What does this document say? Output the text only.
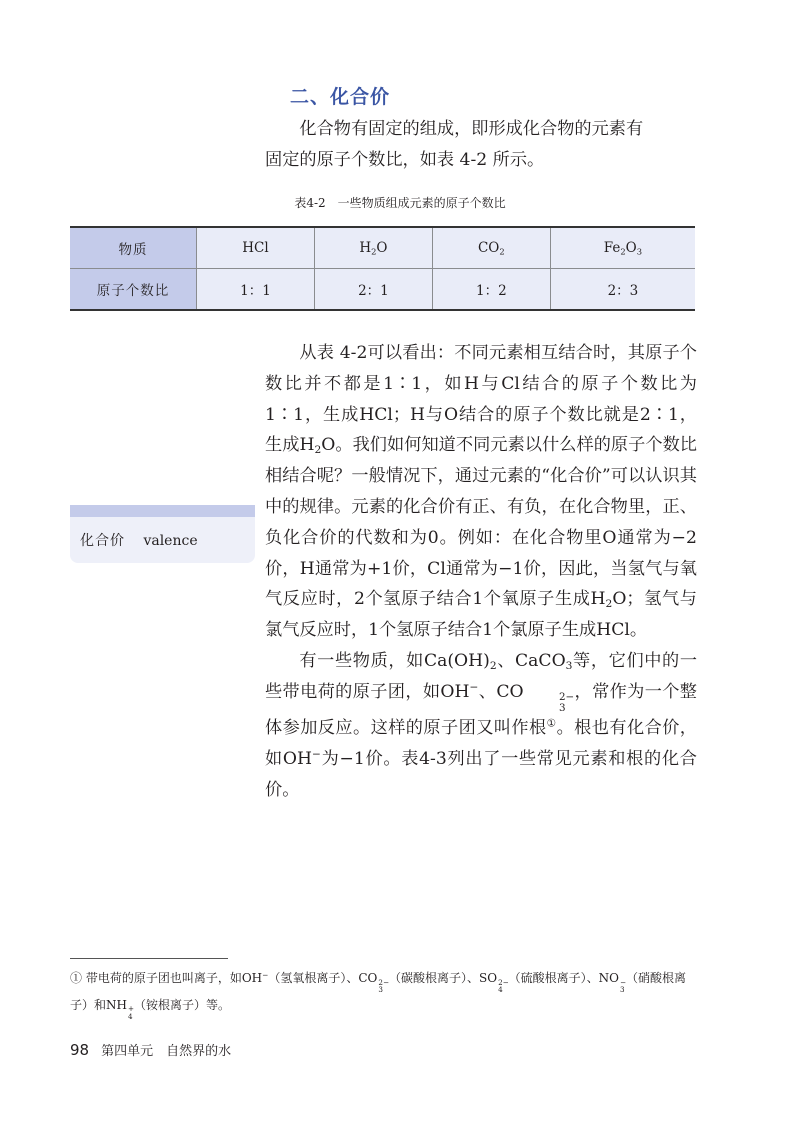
二、化合价
化合物有固定的组成，即形成化合物的元素有
固定的原子个数比，如表 4-2 所示。

表4-2　一些物质组成元素的原子个数比

物质	HCl	$H_2O$	$CO_2$	$Fe_2O_3$
原子个数比	1：1	2：1	1：2	2：3
化合价 valence

从表 4-2可以看出：不同元素相互结合时，其原子个数比并不都是1∶1，如H与Cl结合的原子个数比为1∶1，生成HCl；H与O结合的原子个数比就是2∶1，生成$H_2O$。我们如何知道不同元素以什么样的原子个数比相结合呢？一般情况下，通过元素的“化合价”可以认识其中的规律。元素的化合价有正、有负，在化合物里，正、负化合价的代数和为0。例如：在化合物里O通常为−2价，H通常为+1价，Cl通常为−1价，因此，当氢气与氧气反应时，2个氢原子结合1个氧原子生成$H_2O$；氢气与氯气反应时，1个氢原子结合1个氯原子生成HCl。

有一些物质，如$Ca(OH)_2$、CaCO$_3$等，它们中的一些带电荷的原子团，如OH−、CO	2−
3
，常作为一个整体参加反应。这样的原子团又叫作根①。根也有化合价，如OH−为−1价。表4-3列出了一些常见元素和根的化合价。

① 带电荷的原子团也叫离子，如OH−（氢氧根离子）、CO 2−
3
（碳酸根离子）、SO 2−
4
（硫酸根离子）、NO −
3
（硝酸根离子）和NH +
4
（铵根离子）等。

98 第四单元　自然界的水
